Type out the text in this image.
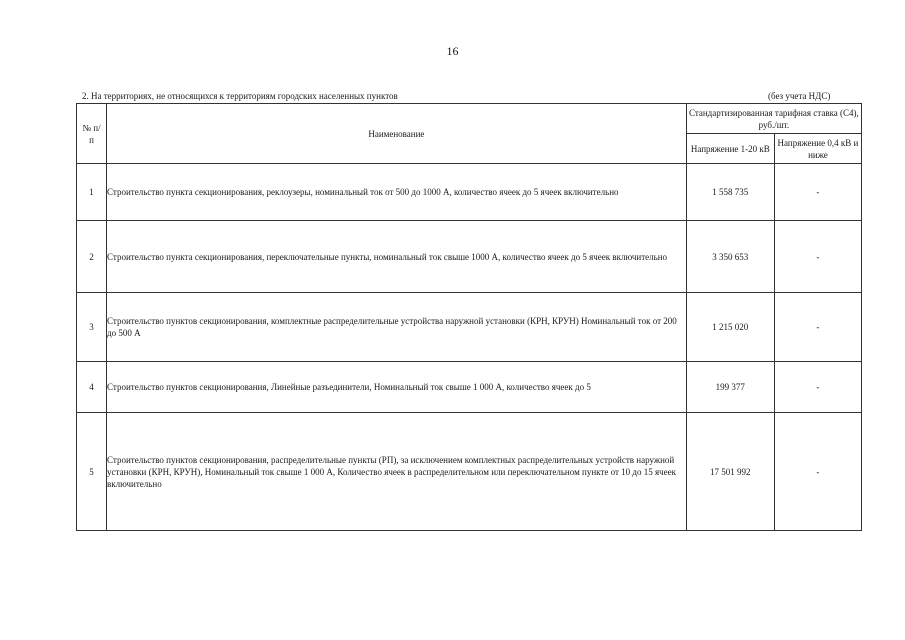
16
2. На территориях, не относящихся к территориям городских населенных пунктов	(без учета НДС)
№ п/п	Наименование	Стандартизированная тарифная ставка (С4), руб./шт.	
		Напряжение 1-20 кВ	Напряжение 0,4 кВ и ниже
1	Строительство пункта секционирования, реклоузеры, номинальный ток от 500 до 1000 А, количество ячеек до 5 ячеек включительно	1 558 735	-
2	Строительство пункта секционирования, переключательные пункты, номинальный ток свыше 1000 А, количество ячеек до 5 ячеек включительно	3 350 653	-
3	Строительство пунктов секционирования, комплектные распределительные устройства наружной установки (КРН, КРУН) Номинальный ток от 200 до 500 А	1 215 020	-
4	Строительство пунктов секционирования, Линейные разъединители, Номинальный ток свыше 1 000 А, количество ячеек до 5	199 377	-
5	Строительство пунктов секционирования, распределительные пункты (РП), за исключением комплектных распределительных устройств наружной установки (КРН, КРУН), Номинальный ток свыше 1 000 А, Количество ячеек в распределительном или переключательном пункте от 10 до 15 ячеек включительно	17 501 992	-
